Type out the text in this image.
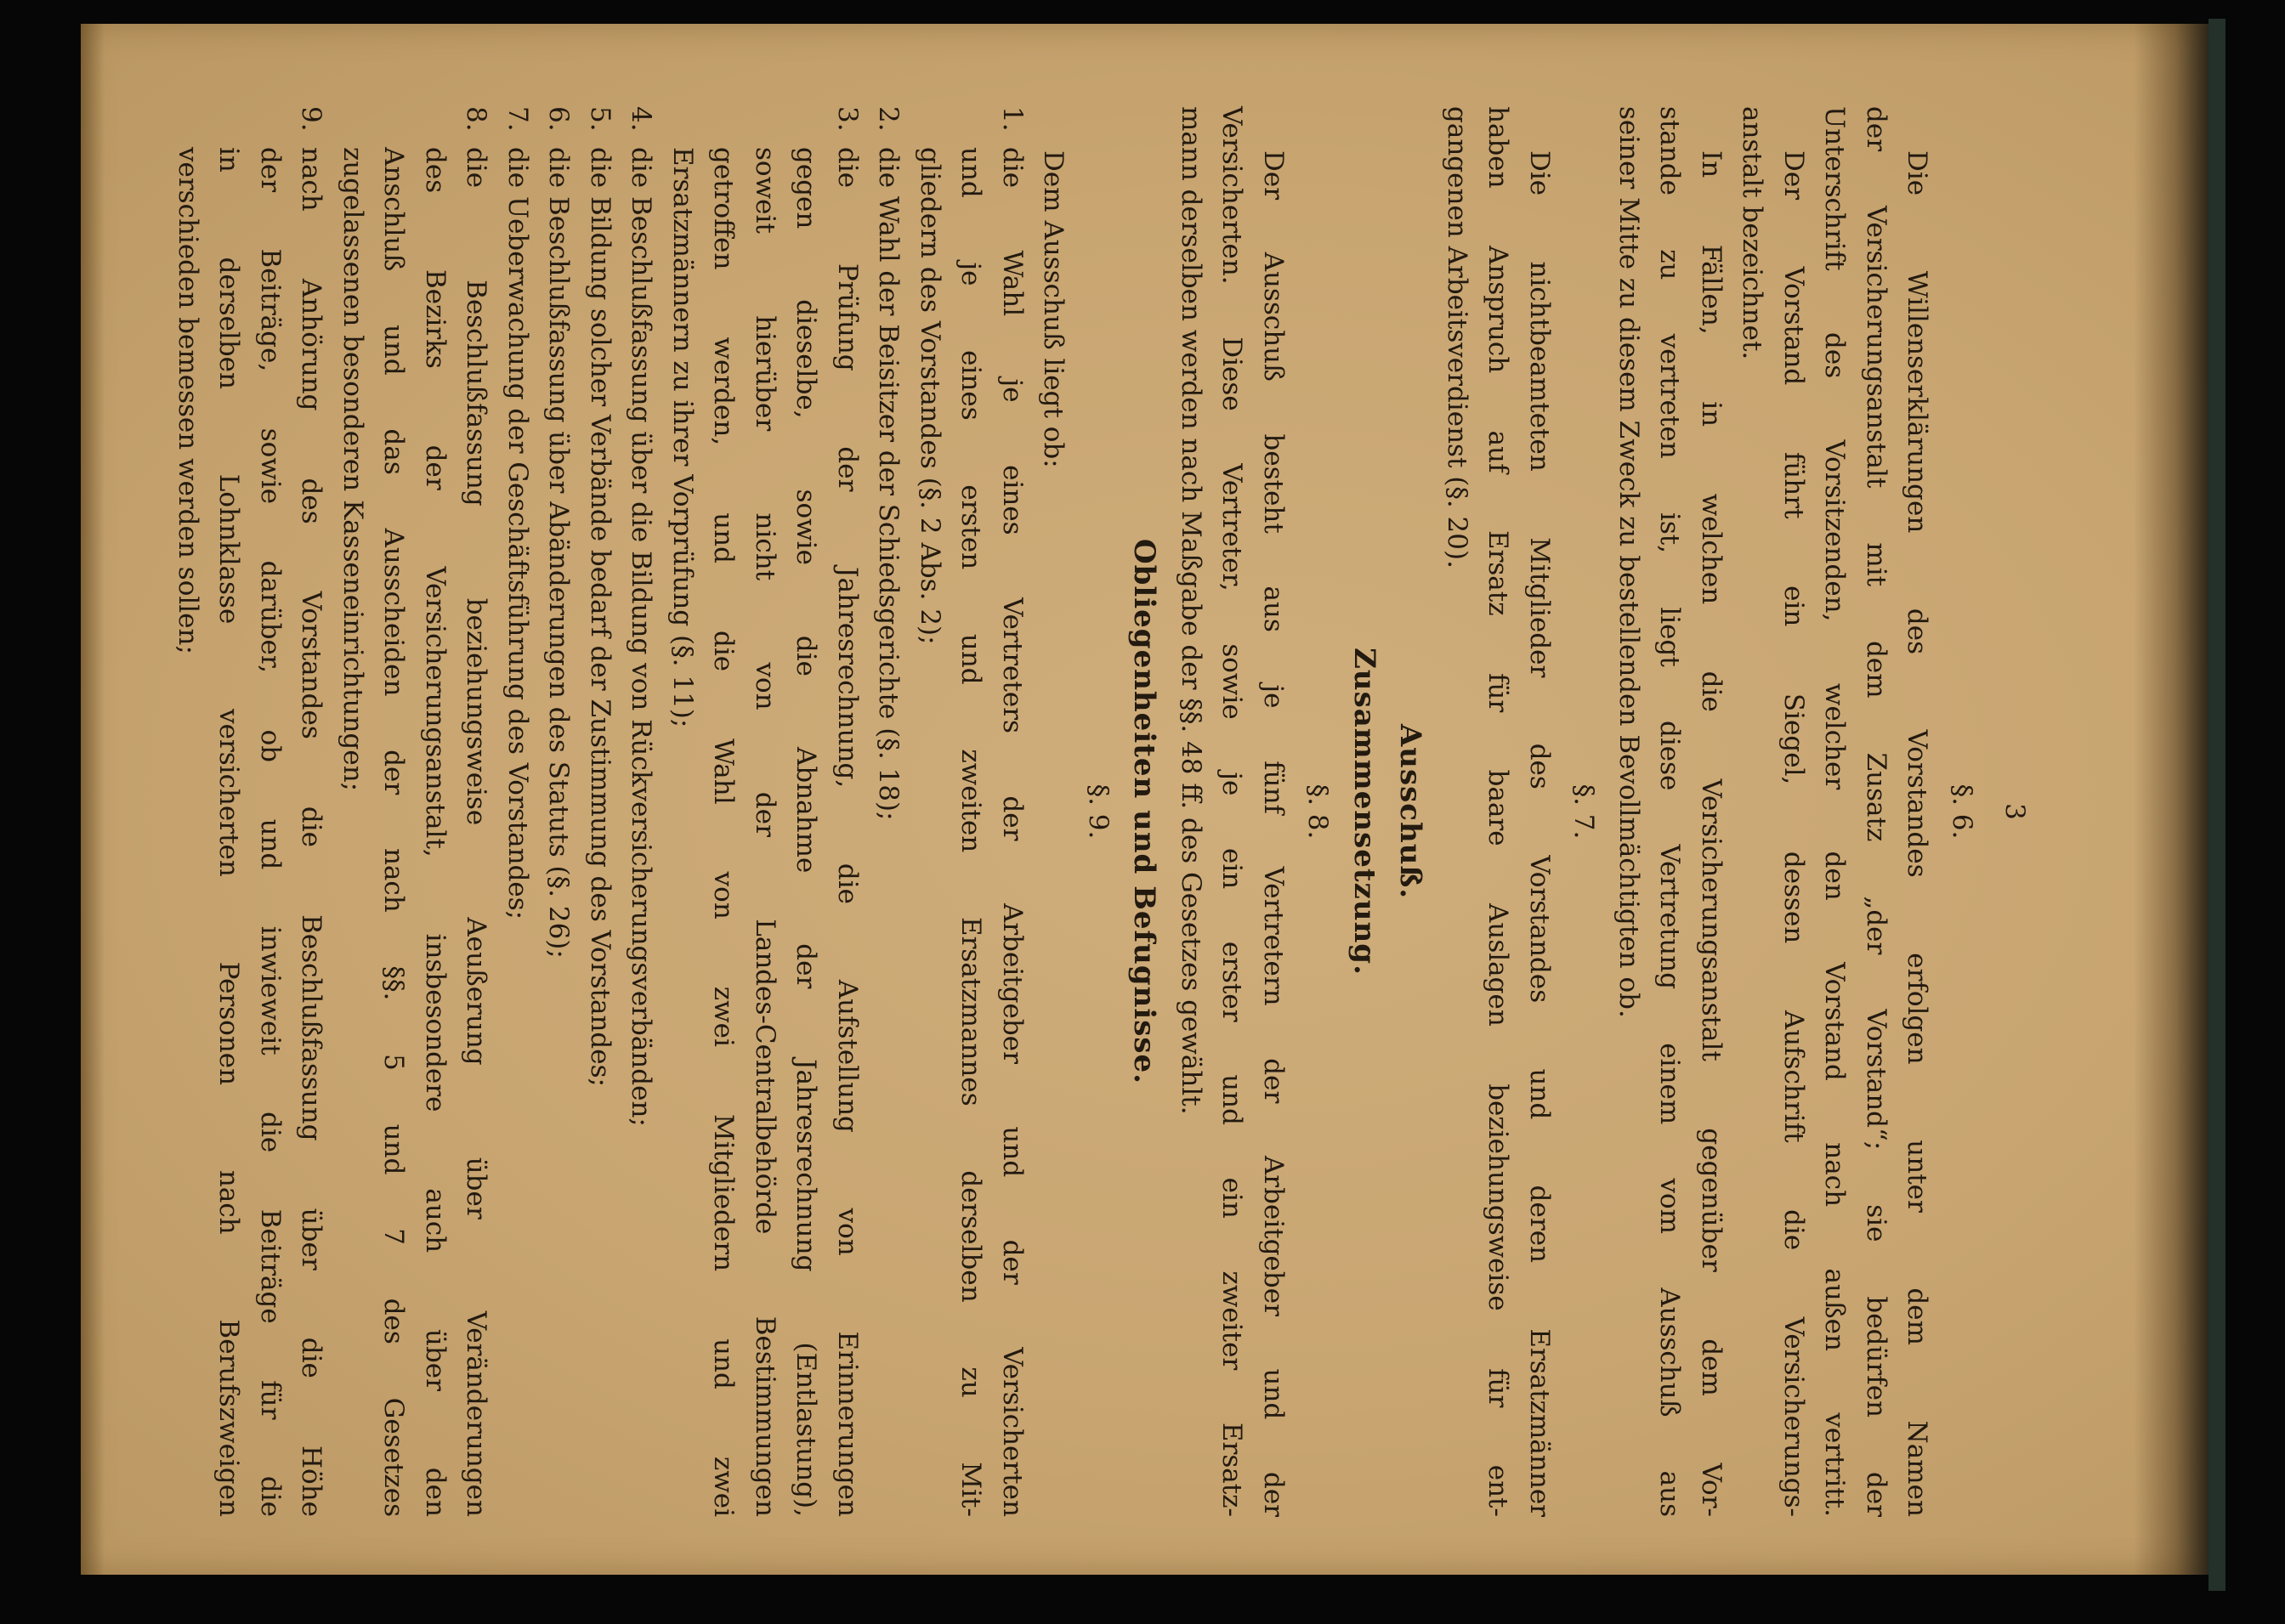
3
§. 6.

Die Willenserklärungen des Vorstandes erfolgen unter dem Namen

der Versicherungsanstalt mit dem Zusatz „der Vorstand“; sie bedürfen der

Unterschrift des Vorsitzenden, welcher den Vorstand nach außen vertritt.

Der Vorstand führt ein Siegel, dessen Aufschrift die Versicherungs-

anstalt bezeichnet.

In Fällen, in welchen die Versicherungsanstalt gegenüber dem Vor-

stande zu vertreten ist, liegt diese Vertretung einem vom Ausschuß aus

seiner Mitte zu diesem Zweck zu bestellenden Bevollmächtigten ob.

§. 7.

Die nichtbeamteten Mitglieder des Vorstandes und deren Ersatzmänner

haben Anspruch auf Ersatz für baare Auslagen beziehungsweise für ent-

gangenen Arbeitsverdienst (§. 20).

Ausschuß.
Zusammensetzung.
§. 8.

Der Ausschuß besteht aus je fünf Vertretern der Arbeitgeber und der

Versicherten. Diese Vertreter, sowie je ein erster und ein zweiter Ersatz-

mann derselben werden nach Maßgabe der §§. 48 ff. des Gesetzes gewählt.

Obliegenheiten und Befugnisse.
§. 9.

Dem Ausschuß liegt ob:

1.

die Wahl je eines Vertreters der Arbeitgeber und der Versicherten

und je eines ersten und zweiten Ersatzmannes derselben zu Mit-

gliedern des Vorstandes (§. 2 Abs. 2);

2.

die Wahl der Beisitzer der Schiedsgerichte (§. 18);

3.

die Prüfung der Jahresrechnung, die Aufstellung von Erinnerungen

gegen dieselbe, sowie die Abnahme der Jahresrechnung (Entlastung),

soweit hierüber nicht von der Landes-Centralbehörde Bestimmungen

getroffen werden, und die Wahl von zwei Mitgliedern und zwei

Ersatzmännern zu ihrer Vorprüfung (§. 11);

4.

die Beschlußfassung über die Bildung von Rückversicherungsverbänden;

5.

die Bildung solcher Verbände bedarf der Zustimmung des Vorstandes;

6.

die Beschlußfassung über Abänderungen des Statuts (§. 26);

7.

die Ueberwachung der Geschäftsführung des Vorstandes;

8.

die Beschlußfassung beziehungsweise Aeußerung über Veränderungen

des Bezirks der Versicherungsanstalt, insbesondere auch über den

Anschluß und das Ausscheiden der nach §§. 5 und 7 des Gesetzes

zugelassenen besonderen Kasseneinrichtungen;

9.

nach Anhörung des Vorstandes die Beschlußfassung über die Höhe

der Beiträge, sowie darüber, ob und inwieweit die Beiträge für die

in derselben Lohnklasse versicherten Personen nach Berufszweigen

verschieden bemessen werden sollen;
